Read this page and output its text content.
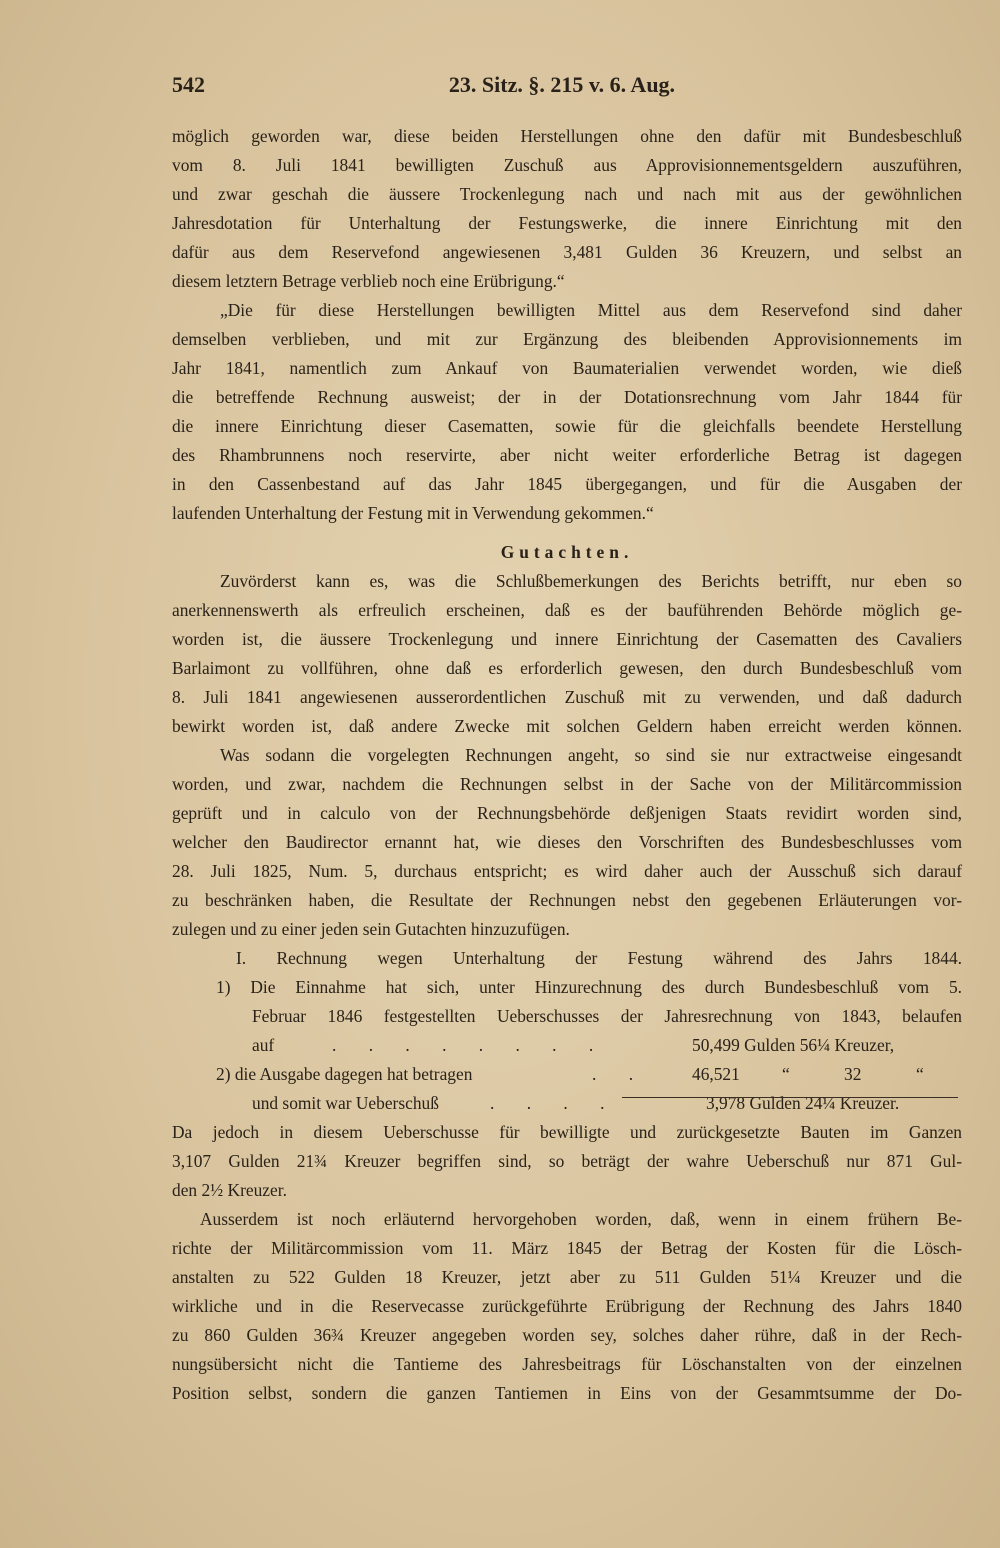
542	23. Sitz. §. 215 v. 6. Aug.
möglich geworden war, diese beiden Herstellungen ohne den dafür mit Bundesbeschluß
vom 8. Juli 1841 bewilligten Zuschuß aus Approvisionnementsgeldern auszuführen,
und zwar geschah die äussere Trockenlegung nach und nach mit aus der gewöhnlichen
Jahresdotation für Unterhaltung der Festungswerke, die innere Einrichtung mit den
dafür aus dem Reservefond angewiesenen 3,481 Gulden 36 Kreuzern, und selbst an
diesem letztern Betrage verblieb noch eine Erübrigung.“
„Die für diese Herstellungen bewilligten Mittel aus dem Reservefond sind daher
demselben verblieben, und mit zur Ergänzung des bleibenden Approvisionnements im
Jahr 1841, namentlich zum Ankauf von Baumaterialien verwendet worden, wie dieß
die betreffende Rechnung ausweist; der in der Dotationsrechnung vom Jahr 1844 für
die innere Einrichtung dieser Casematten, sowie für die gleichfalls beendete Herstellung
des Rhambrunnens noch reservirte, aber nicht weiter erforderliche Betrag ist dagegen
in den Cassenbestand auf das Jahr 1845 übergegangen, und für die Ausgaben der
laufenden Unterhaltung der Festung mit in Verwendung gekommen.“
Gutachten.
Zuvörderst kann es, was die Schlußbemerkungen des Berichts betrifft, nur eben so
anerkennenswerth als erfreulich erscheinen, daß es der bauführenden Behörde möglich ge-
worden ist, die äussere Trockenlegung und innere Einrichtung der Casematten des Cavaliers
Barlaimont zu vollführen, ohne daß es erforderlich gewesen, den durch Bundesbeschluß vom
8. Juli 1841 angewiesenen ausserordentlichen Zuschuß mit zu verwenden, und daß dadurch
bewirkt worden ist, daß andere Zwecke mit solchen Geldern haben erreicht werden können.
Was sodann die vorgelegten Rechnungen angeht, so sind sie nur extractweise eingesandt
worden, und zwar, nachdem die Rechnungen selbst in der Sache von der Militärcommission
geprüft und in calculo von der Rechnungsbehörde deßjenigen Staats revidirt worden sind,
welcher den Baudirector ernannt hat, wie dieses den Vorschriften des Bundesbeschlusses vom
28. Juli 1825, Num. 5, durchaus entspricht; es wird daher auch der Ausschuß sich darauf
zu beschränken haben, die Resultate der Rechnungen nebst den gegebenen Erläuterungen vor-
zulegen und zu einer jeden sein Gutachten hinzuzufügen.
I. Rechnung wegen Unterhaltung der Festung während des Jahrs 1844.
1) Die Einnahme hat sich, unter Hinzurechnung des durch Bundesbeschluß vom 5.
Februar 1846 festgestellten Ueberschusses der Jahresrechnung von 1843, belaufen
auf	. . . . . . . .	50,499 Gulden 56¼ Kreuzer,
2) die Ausgabe dagegen hat betragen	. .	46,521 “	32	“
und somit war Ueberschuß	. . . .	3,978 Gulden 24¼ Kreuzer.
Da jedoch in diesem Ueberschusse für bewilligte und zurückgesetzte Bauten im Ganzen
3,107 Gulden 21¾ Kreuzer begriffen sind, so beträgt der wahre Ueberschuß nur 871 Gul-
den 2½ Kreuzer.
Ausserdem ist noch erläuternd hervorgehoben worden, daß, wenn in einem frühern Be-
richte der Militärcommission vom 11. März 1845 der Betrag der Kosten für die Lösch-
anstalten zu 522 Gulden 18 Kreuzer, jetzt aber zu 511 Gulden 51¼ Kreuzer und die
wirkliche und in die Reservecasse zurückgeführte Erübrigung der Rechnung des Jahrs 1840
zu 860 Gulden 36¾ Kreuzer angegeben worden sey, solches daher rühre, daß in der Rech-
nungsübersicht nicht die Tantieme des Jahresbeitrags für Löschanstalten von der einzelnen
Position selbst, sondern die ganzen Tantiemen in Eins von der Gesammtsumme der Do-
